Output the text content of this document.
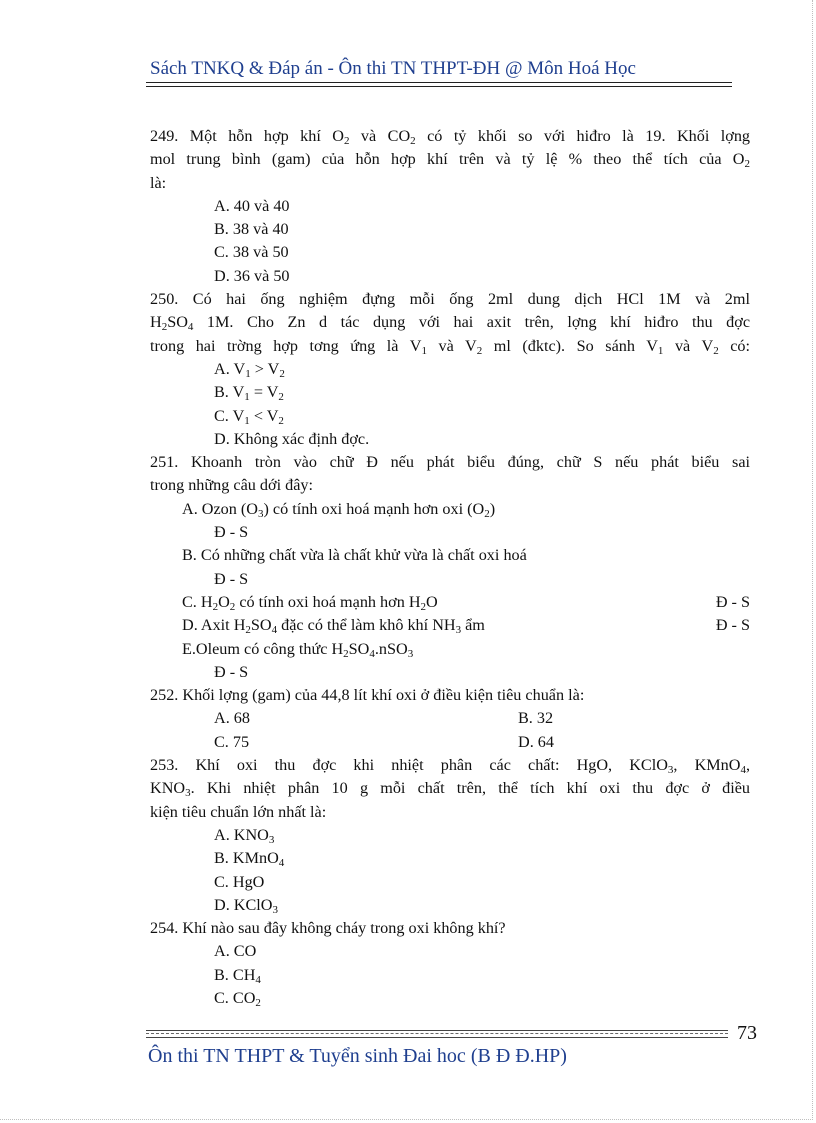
Sách TNKQ & Đáp án - Ôn thi TN THPT-ĐH @ Môn Hoá Học
249. Một hỗn hợp khí $O_2$ và $CO_2$ có tỷ khối so với hiđro là 19. Khối lợng
mol trung bình (gam) của hỗn hợp khí trên và tỷ lệ % theo thể tích của $O_2$
là:
A. 40 và 40
B. 38 và 40
C. 38 và 50
D. 36 và 50
250. Có hai ống nghiệm đựng mỗi ống 2ml dung dịch HCl 1M và 2ml
$H_2SO_4$ 1M. Cho Zn d tác dụng với hai axit trên, lợng khí hiđro thu đợc
trong hai trờng hợp tơng ứng là $V_1$ và $V_2$ ml (đktc). So sánh $V_1$ và $V_2$ có:
A. $V_1 > V_2$
B. $V_1 = V_2$
C. $V_1 < V_2$
D. Không xác định đợc.
251. Khoanh tròn vào chữ Đ nếu phát biểu đúng, chữ S nếu phát biểu sai
trong những câu dới đây:
A. Ozon $(O_3)$ có tính oxi hoá mạnh hơn oxi $(O_2)$
Đ - S
B. Có những chất vừa là chất khử vừa là chất oxi hoá
Đ - S
C. $H_2O_2$ có tính oxi hoá mạnh hơn $H_2O$	Đ - S
D. Axit $H_2SO_4$ đặc có thể làm khô khí $NH_3$ ẩm	Đ - S
E.Oleum có công thức $H_2SO_4.nSO_3$
Đ - S
252. Khối lợng (gam) của 44,8 lít khí oxi ở điều kiện tiêu chuẩn là:
A. 68	B. 32
C. 75	D. 64
253. Khí oxi thu đợc khi nhiệt phân các chất: HgO, KClO$_3$, KMnO$_4$,
$KNO_3$. Khi nhiệt phân 10 g mỗi chất trên, thể tích khí oxi thu đợc ở điều
kiện tiêu chuẩn lớn nhất là:
A. $KNO_3$
B. KMnO$_4$
C. HgO
D. KClO$_3$
254. Khí nào sau đây không cháy trong oxi không khí?
A. CO
B. $CH_4$
C. $CO_2$
73
Ôn thi TN THPT & Tuyển sinh Đai hoc (B Đ Đ.HP)
